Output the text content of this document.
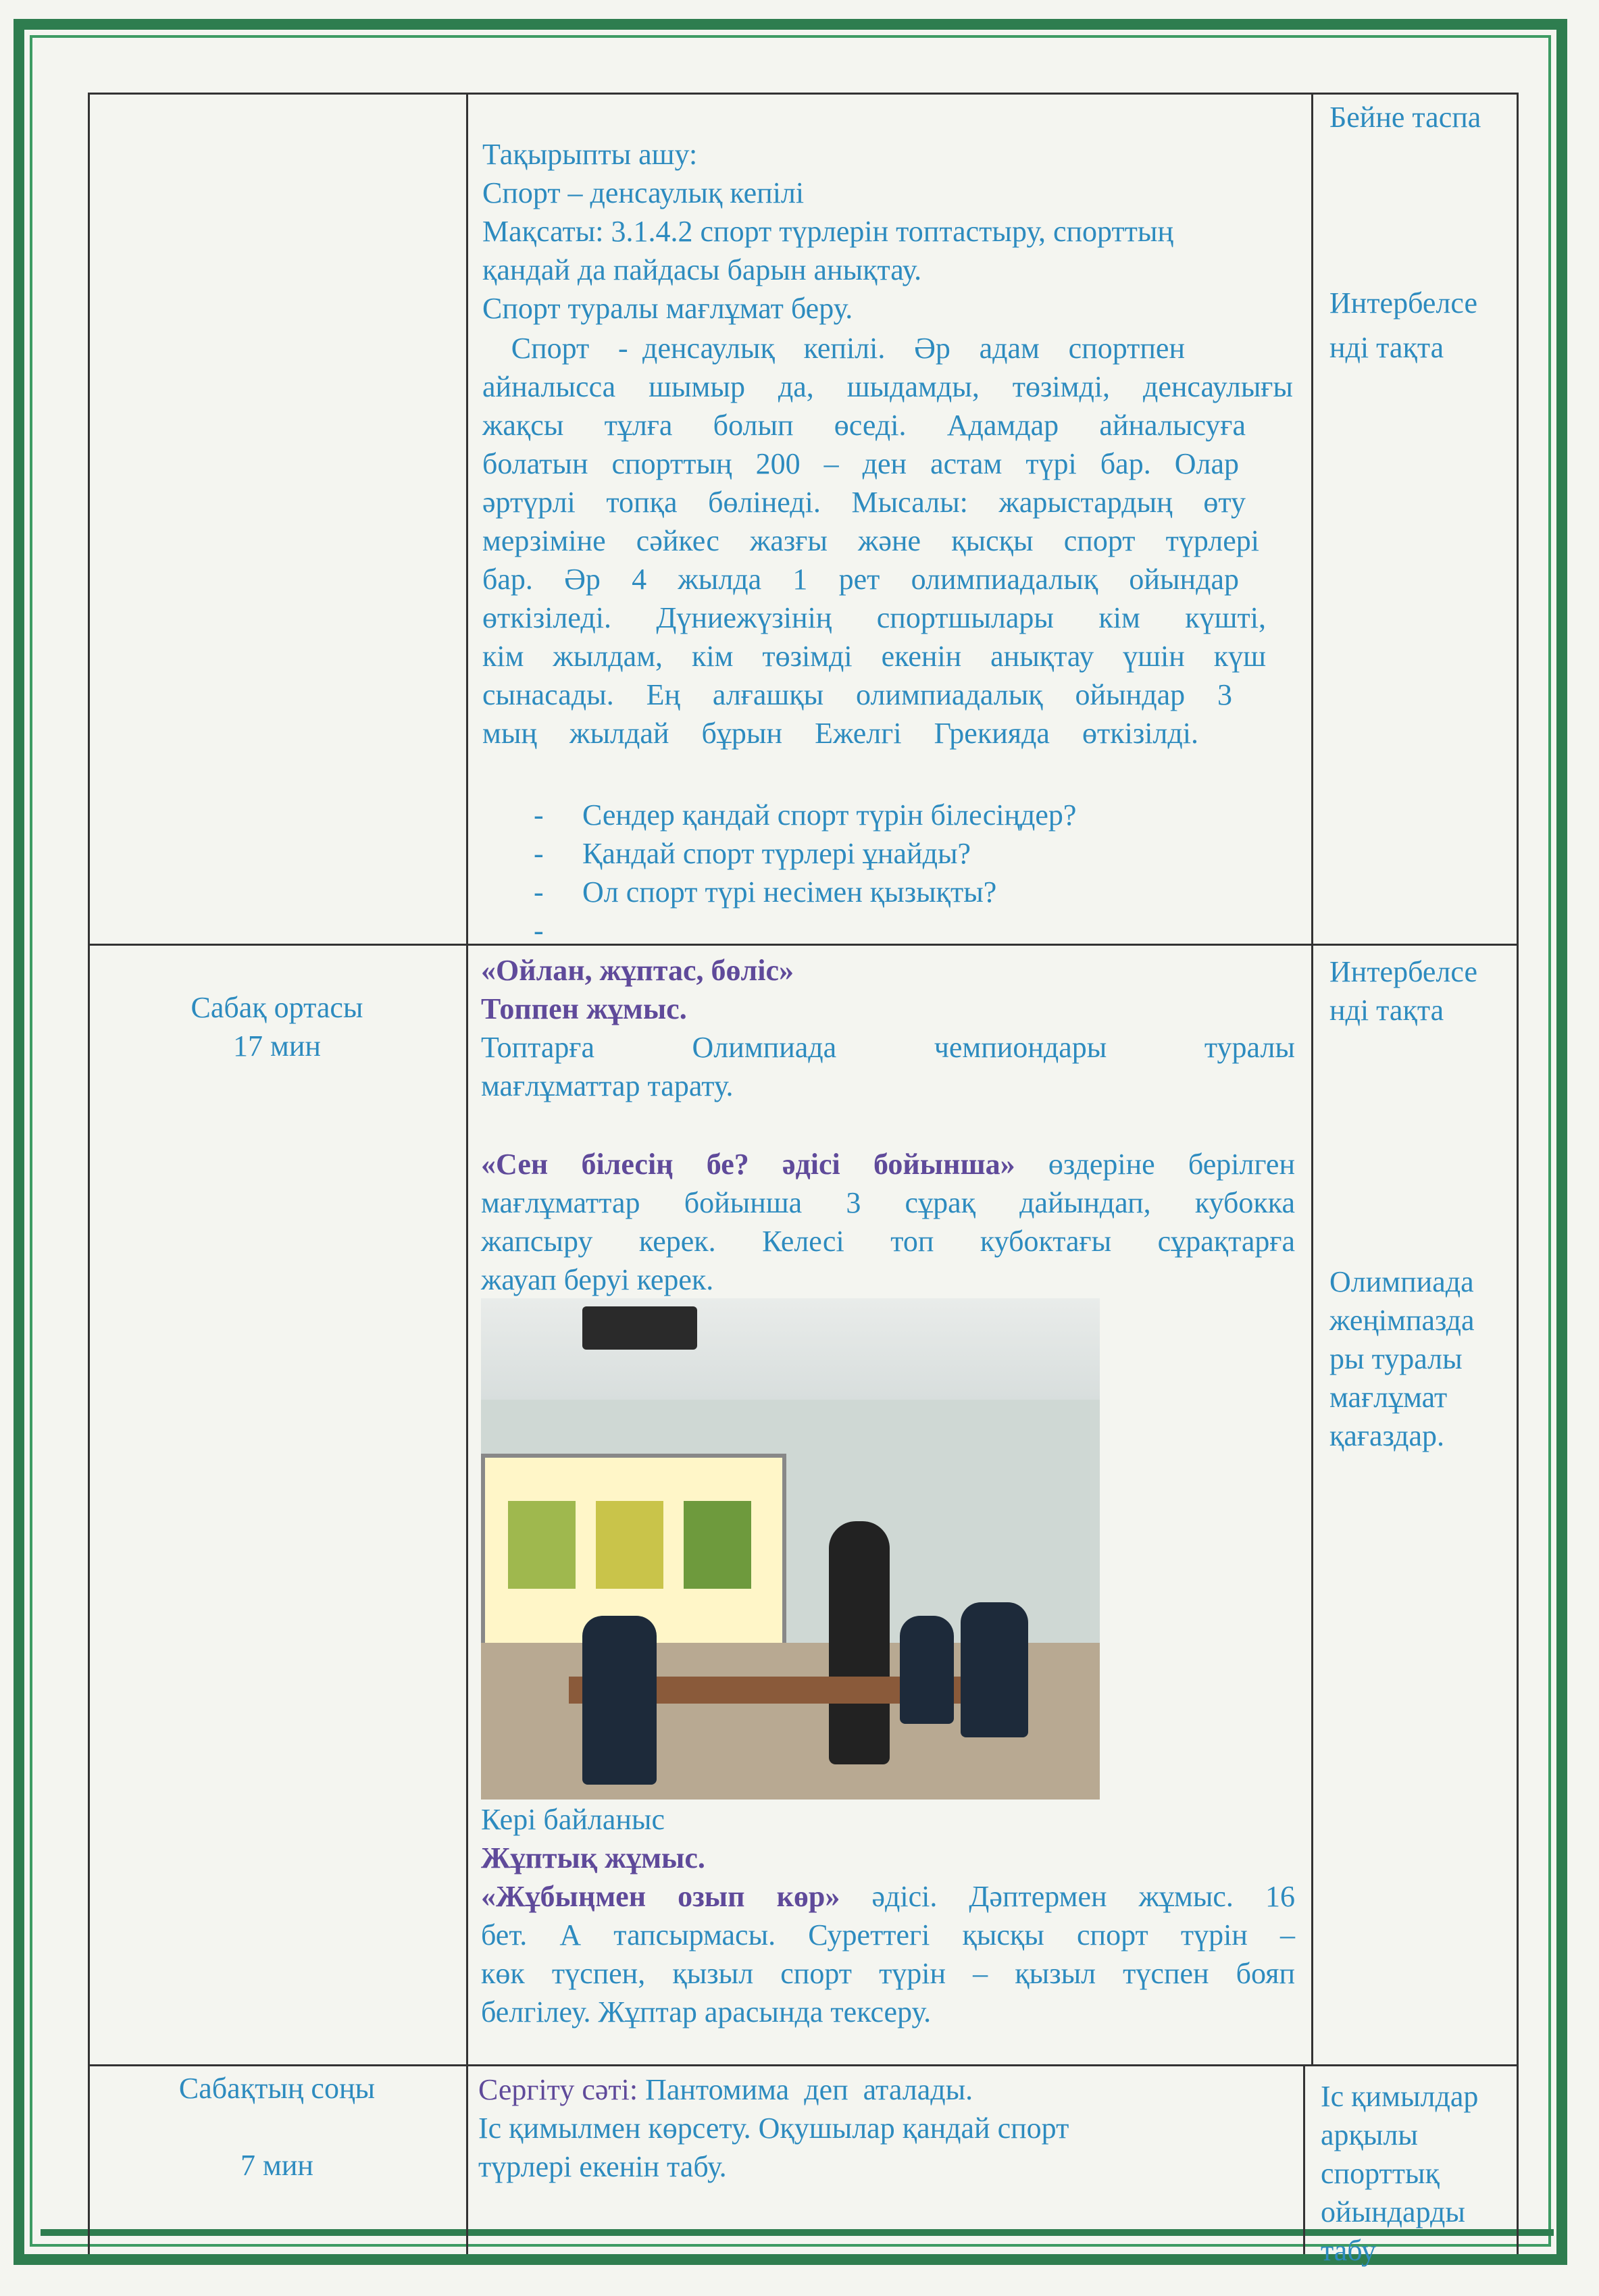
Тақырыпты ашу:
Спорт – денсаулық кепілі
Мақсаты: 3.1.4.2 спорт түрлерін топтастыру, спорттың
қандай да пайдасы барын анықтау.
Спорт туралы мағлұмат беру.
Спорт  - денсаулық  кепілі.  Әр  адам  спортпен
айналысса шымыр да, шыдамды, төзімді, денсаулығы
жақсы тұлға болып өседі. Адамдар айналысуға
болатын спорттың 200 – ден астам түрі бар. Олар
әртүрлі топқа бөлінеді. Мысалы: жарыстардың өту
мерзіміне сәйкес жазғы және қысқы спорт түрлері
бар. Әр 4 жылда 1 рет олимпиадалық ойындар
өткізіледі. Дүниежүзінің спортшылары кім күшті,
кім жылдам, кім төзімді екенін анықтау үшін күш
сынасады. Ең алғашқы олимпиадалық ойындар 3
мың жылдай бұрын Ежелгі Грекияда өткізілді.
- Сендер қандай спорт түрін білесіңдер?
- Қандай спорт түрлері ұнайды?
- Ол спорт түрі несімен қызықты?
-
Бейне таспа
Интербелсе
нді тақта
Сабақ ортасы
17 мин
«Ойлан, жұптас, бөліс»
Топпен жұмыс.
Топтарға Олимпиада чемпиондары туралы
мағлұматтар тарату.
«Сен білесің бе? әдісі бойынша» өздеріне берілген
мағлұматтар бойынша 3 сұрақ дайындап, кубокка
жапсыру керек. Келесі топ кубоктағы сұрақтарға
жауап беруі керек.
Кері байланыс
Жұптық жұмыс.
«Жұбыңмен озып көр» әдісі. Дәптермен жұмыс. 16
бет. А тапсырмасы. Суреттегі қысқы спорт түрін –
көк түспен, қызыл спорт түрін – қызыл түспен бояп
белгілеу. Жұптар арасында тексеру.
Интербелсе
нді тақта
Олимпиада
жеңімпазда
ры туралы
мағлұмат
қағаздар.
Сабақтың соңы
7 мин
Сергіту сәті: Пантомима  деп  аталады.
Іс қимылмен көрсету. Оқушылар қандай спорт
түрлері екенін табу.
Іс қимылдар
арқылы
спорттық
ойындарды
табу
